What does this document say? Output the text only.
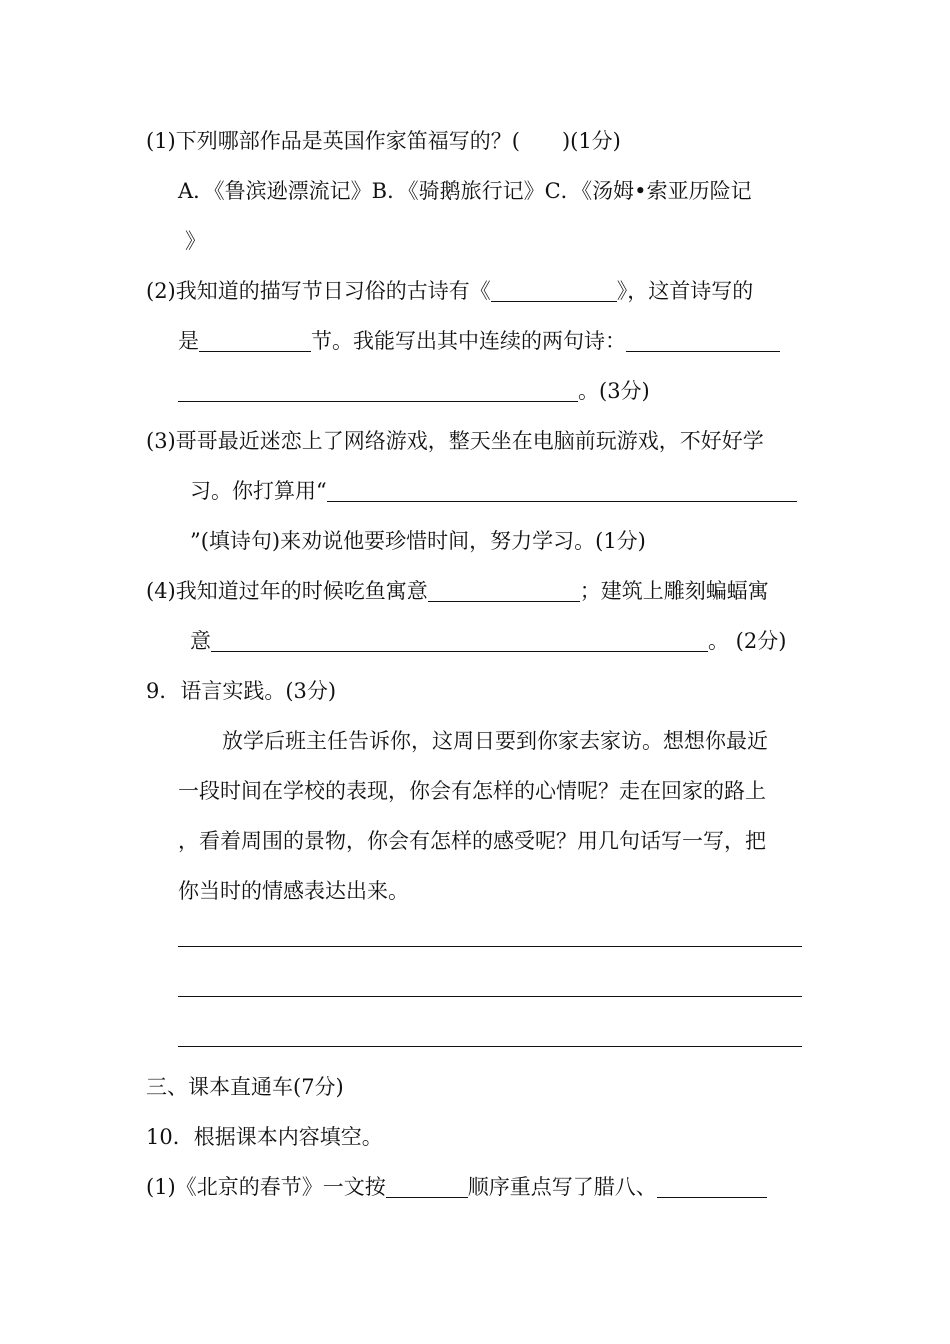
(1)下列哪部作品是英国作家笛福写的？(　　)(1分)
A．《鲁滨逊漂流记》B．《骑鹅旅行记》C．《汤姆•索亚历险记
》
(2)我知道的描写节日习俗的古诗有《	》，这首诗写的
是	节。我能写出其中连续的两句诗：
。(3分)
(3)哥哥最近迷恋上了网络游戏，整天坐在电脑前玩游戏，不好好学
习。你打算用“
”(填诗句)来劝说他要珍惜时间，努力学习。(1分)
(4)我知道过年的时候吃鱼寓意	；建筑上雕刻蝙蝠寓
意	。 (2分)
9．语言实践。(3分)
放学后班主任告诉你，这周日要到你家去家访。想想你最近
一段时间在学校的表现，你会有怎样的心情呢？走在回家的路上
，看着周围的景物，你会有怎样的感受呢？用几句话写一写，把
你当时的情感表达出来。
三、课本直通车(7分)
10．根据课本内容填空。
(1)《北京的春节》一文按	顺序重点写了腊八、
